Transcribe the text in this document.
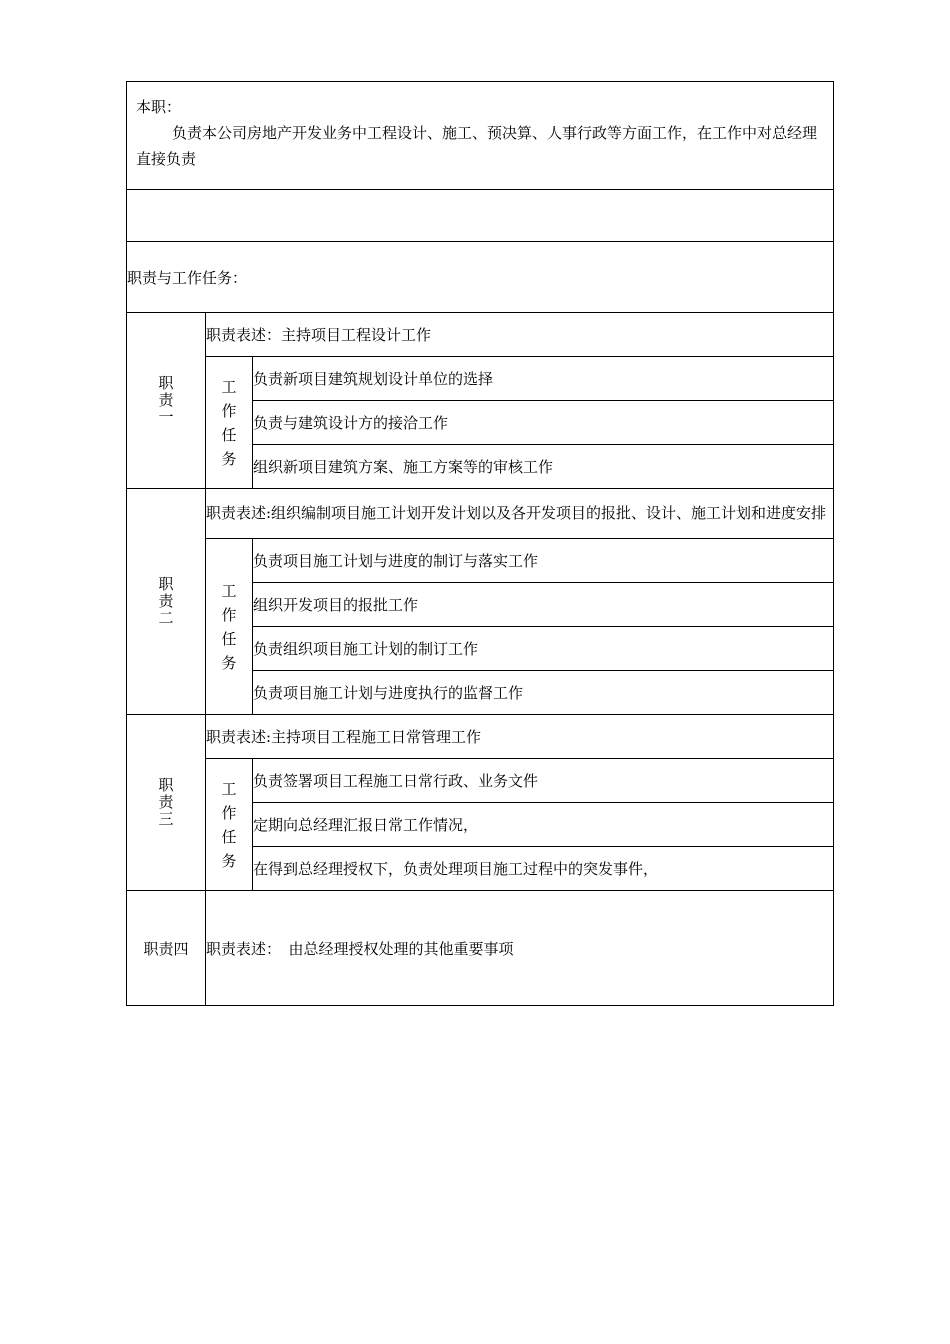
本职：
负责本公司房地产开发业务中工程设计、施工、预决算、人事行政等方面工作，在工作中对总经理直接负责		

职责与工作任务：		

职责一	职责表述：主持项目工程设计工作	

	工作任务	负责新项目建筑规划设计单位的选择
		负责与建筑设计方的接洽工作
		组织新项目建筑方案、施工方案等的审核工作

职责二	职责表述:组织编制项目施工计划开发计划以及各开发项目的报批、设计、施工计划和进度安排	

	工作任务	负责项目施工计划与进度的制订与落实工作
		组织开发项目的报批工作
		负责组织项目施工计划的制订工作
		负责项目施工计划与进度执行的监督工作

职责三	职责表述:主持项目工程施工日常管理工作	

	工作任务	负责签署项目工程施工日常行政、业务文件
		定期向总经理汇报日常工作情况，
		在得到总经理授权下，负责处理项目施工过程中的突发事件，
职责四	职责表述：　由总经理授权处理的其他重要事项	
